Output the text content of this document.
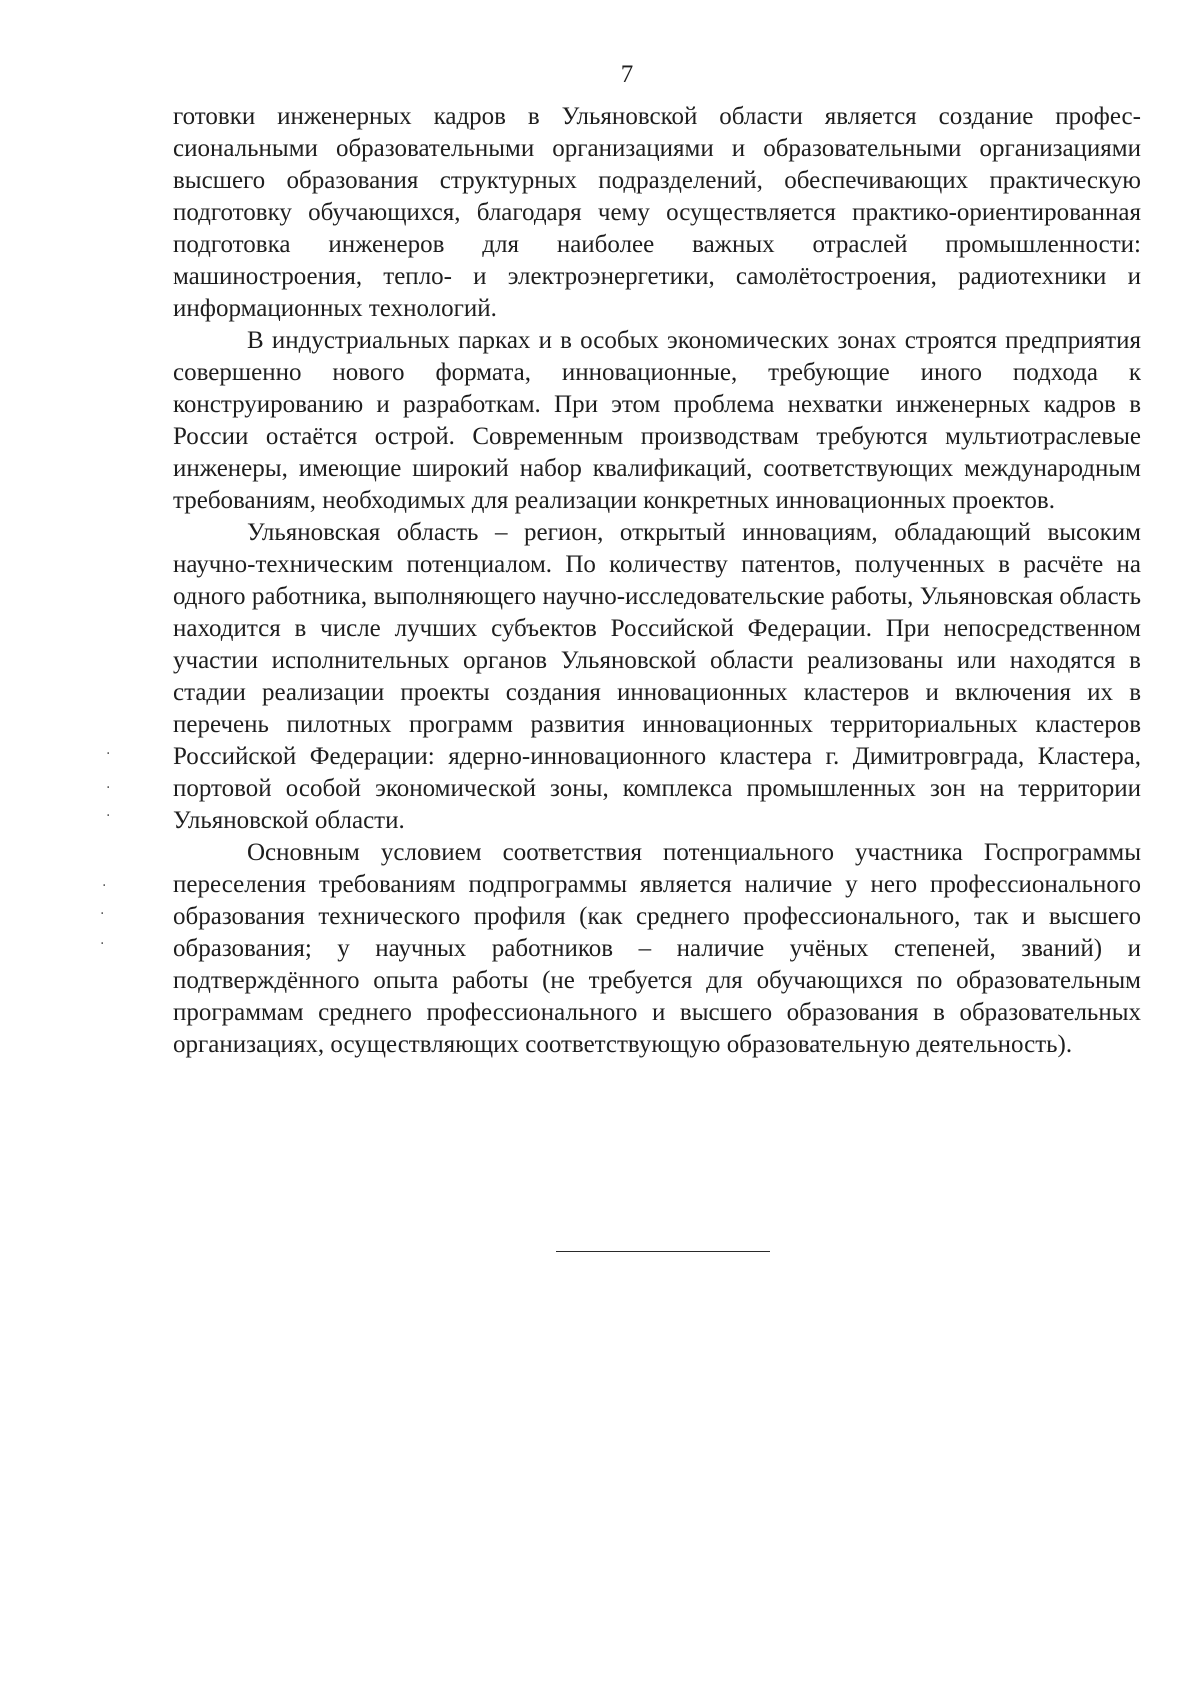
7

готовки инженерных кадров в Ульяновской области является создание профессиональными образовательными организациями и образовательными организациями высшего образования структурных подразделений, обеспечивающих практическую подготовку обучающихся, благодаря чему осуществляется практико-ориентированная подготовка инженеров для наиболее важных отраслей промышленности: машиностроения, тепло- и электроэнергетики, самолётостроения, радиотехники и информационных технологий.

В индустриальных парках и в особых экономических зонах строятся предприятия совершенно нового формата, инновационные, требующие иного подхода к конструированию и разработкам. При этом проблема нехватки инженерных кадров в России остаётся острой. Современным производствам требуются мультиотраслевые инженеры, имеющие широкий набор квалификаций, соответствующих международным требованиям, необходимых для реализации конкретных инновационных проектов.

Ульяновская область – регион, открытый инновациям, обладающий высоким научно-техническим потенциалом. По количеству патентов, полученных в расчёте на одного работника, выполняющего научно-исследовательские работы, Ульяновская область находится в числе лучших субъектов Российской Федерации. При непосредственном участии исполнительных органов Ульяновской области реализованы или находятся в стадии реализации проекты создания инновационных кластеров и включения их в перечень пилотных программ развития инновационных территориальных кластеров Российской Федерации: ядерно-инновационного кластера г. Димитровграда, Кластера, портовой особой экономической зоны, комплекса промышленных зон на территории Ульяновской области.

Основным условием соответствия потенциального участника Госпрограммы переселения требованиям подпрограммы является наличие у него профессионального образования технического профиля (как среднего профессионального, так и высшего образования; у научных работников – наличие учёных степеней, званий) и подтверждённого опыта работы (не требуется для обучающихся по образовательным программам среднего профессионального и высшего образования в образовательных организациях, осуществляющих соответствующую образовательную деятельность).

·
·
·
·
·
·
